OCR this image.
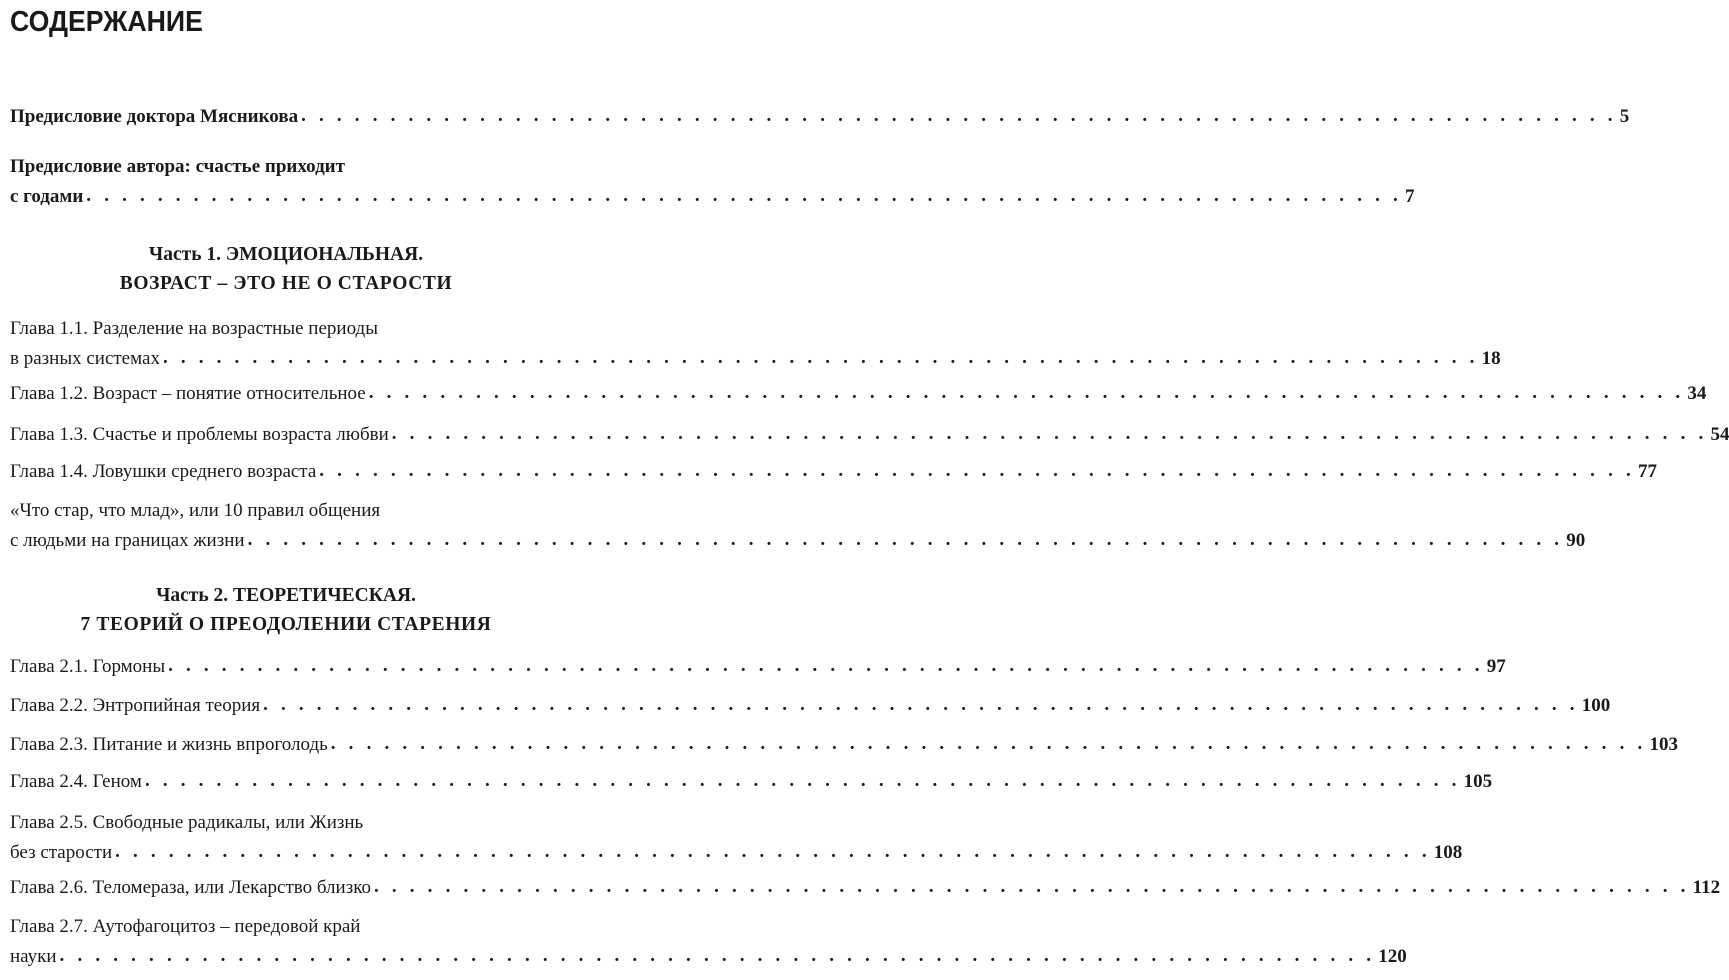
СОДЕРЖАНИЕ
Предисловие доктора Мясникова . . . . . . . . . . . . . . . . . . . . . . . . . . . . . . . . . . . . . . . . . . . . . . . . . . . . . . . . . . . . . . . . . . . . . . . . . . 5
Предисловие автора: счастье приходит
с годами . . . . . . . . . . . . . . . . . . . . . . . . . . . . . . . . . . . . . . . . . . . . . . . . . . . . . . . . . . . . . . . . . . . . . . . . . . 7
Часть 1. ЭМОЦИОНАЛЬНАЯ.
ВОЗРАСТ – ЭТО НЕ О СТАРОСТИ
Глава 1.1. Разделение на возрастные периоды
в разных системах . . . . . . . . . . . . . . . . . . . . . . . . . . . . . . . . . . . . . . . . . . . . . . . . . . . . . . . . . . . . . . . . . . . . . . . . . . 18
Глава 1.2. Возраст – понятие относительное . . . . . . . . . . . . . . . . . . . . . . . . . . . . . . . . . . . . . . . . . . . . . . . . . . . . . . . . . . . . . . . . . . . . . . . . . . 34
Глава 1.3. Счастье и проблемы возраста любви . . . . . . . . . . . . . . . . . . . . . . . . . . . . . . . . . . . . . . . . . . . . . . . . . . . . . . . . . . . . . . . . . . . . . . . . . . 54
Глава 1.4. Ловушки среднего возраста . . . . . . . . . . . . . . . . . . . . . . . . . . . . . . . . . . . . . . . . . . . . . . . . . . . . . . . . . . . . . . . . . . . . . . . . . . 77
«Что стар, что млад», или 10 правил общения
с людьми на границах жизни . . . . . . . . . . . . . . . . . . . . . . . . . . . . . . . . . . . . . . . . . . . . . . . . . . . . . . . . . . . . . . . . . . . . . . . . . . 90
Часть 2. ТЕОРЕТИЧЕСКАЯ.
7 ТЕОРИЙ О ПРЕОДОЛЕНИИ СТАРЕНИЯ
Глава 2.1. Гормоны . . . . . . . . . . . . . . . . . . . . . . . . . . . . . . . . . . . . . . . . . . . . . . . . . . . . . . . . . . . . . . . . . . . . . . . . . . 97
Глава 2.2. Энтропийная теория . . . . . . . . . . . . . . . . . . . . . . . . . . . . . . . . . . . . . . . . . . . . . . . . . . . . . . . . . . . . . . . . . . . . . . . . . . 100
Глава 2.3. Питание и жизнь впроголодь . . . . . . . . . . . . . . . . . . . . . . . . . . . . . . . . . . . . . . . . . . . . . . . . . . . . . . . . . . . . . . . . . . . . . . . . . . 103
Глава 2.4. Геном . . . . . . . . . . . . . . . . . . . . . . . . . . . . . . . . . . . . . . . . . . . . . . . . . . . . . . . . . . . . . . . . . . . . . . . . . . 105
Глава 2.5. Свободные радикалы, или Жизнь
без старости . . . . . . . . . . . . . . . . . . . . . . . . . . . . . . . . . . . . . . . . . . . . . . . . . . . . . . . . . . . . . . . . . . . . . . . . . . 108
Глава 2.6. Теломераза, или Лекарство близко . . . . . . . . . . . . . . . . . . . . . . . . . . . . . . . . . . . . . . . . . . . . . . . . . . . . . . . . . . . . . . . . . . . . . . . . . . 112
Глава 2.7. Аутофагоцитоз – передовой край
науки . . . . . . . . . . . . . . . . . . . . . . . . . . . . . . . . . . . . . . . . . . . . . . . . . . . . . . . . . . . . . . . . . . . . . . . . . . 120
